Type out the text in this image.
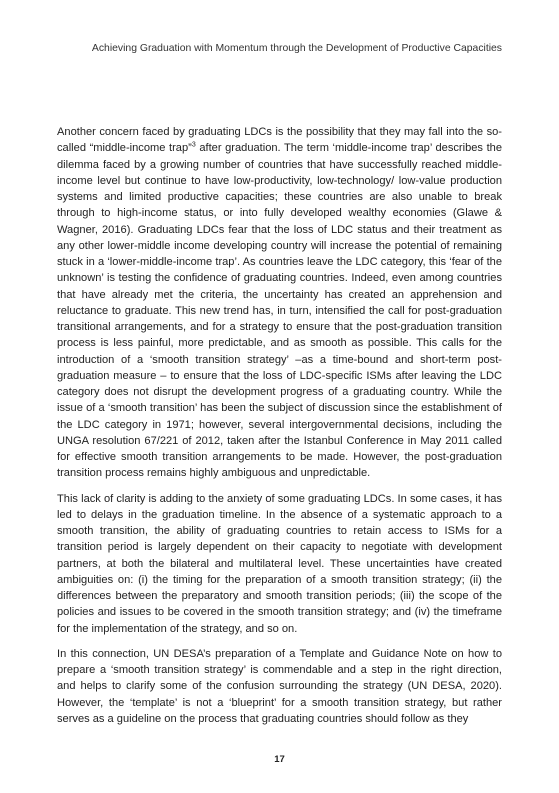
Achieving Graduation with Momentum through the Development of Productive Capacities

Another concern faced by graduating LDCs is the possibility that they may fall into the so-called “middle-income trap”$^3$ after graduation. The term ‘middle-income trap’ describes the dilemma faced by a growing number of countries that have successfully reached middle-income level but continue to have low-productivity, low-technology/ low-value production systems and limited productive capacities; these countries are also unable to break through to high-income status, or into fully developed wealthy economies (Glawe & Wagner, 2016). Graduating LDCs fear that the loss of LDC status and their treatment as any other lower-middle income developing country will increase the potential of remaining stuck in a ‘lower-middle-income trap’. As countries leave the LDC category, this ‘fear of the unknown’ is testing the confidence of graduating countries. Indeed, even among countries that have already met the criteria, the uncertainty has created an apprehension and reluctance to graduate. This new trend has, in turn, intensified the call for post-graduation transitional arrangements, and for a strategy to ensure that the post-graduation transition process is less painful, more predictable, and as smooth as possible. This calls for the introduction of a ‘smooth transition strategy’ –as a time-bound and short-term post-graduation measure – to ensure that the loss of LDC-specific ISMs after leaving the LDC category does not disrupt the development progress of a graduating country. While the issue of a ‘smooth transition’ has been the subject of discussion since the establishment of the LDC category in 1971; however, several intergovernmental decisions, including the UNGA resolution 67/221 of 2012, taken after the Istanbul Conference in May 2011 called for effective smooth transition arrangements to be made. However, the post-graduation transition process remains highly ambiguous and unpredictable.

This lack of clarity is adding to the anxiety of some graduating LDCs. In some cases, it has led to delays in the graduation timeline. In the absence of a systematic approach to a smooth transition, the ability of graduating countries to retain access to ISMs for a transition period is largely dependent on their capacity to negotiate with development partners, at both the bilateral and multilateral level. These uncertainties have created ambiguities on: (i) the timing for the preparation of a smooth transition strategy; (ii) the differences between the preparatory and smooth transition periods; (iii) the scope of the policies and issues to be covered in the smooth transition strategy; and (iv) the timeframe for the implementation of the strategy, and so on.

In this connection, UN DESA’s preparation of a Template and Guidance Note on how to prepare a ‘smooth transition strategy’ is commendable and a step in the right direction, and helps to clarify some of the confusion surrounding the strategy (UN DESA, 2020). However, the ‘template’ is not a ‘blueprint’ for a smooth transition strategy, but rather serves as a guideline on the process that graduating countries should follow as they

17
